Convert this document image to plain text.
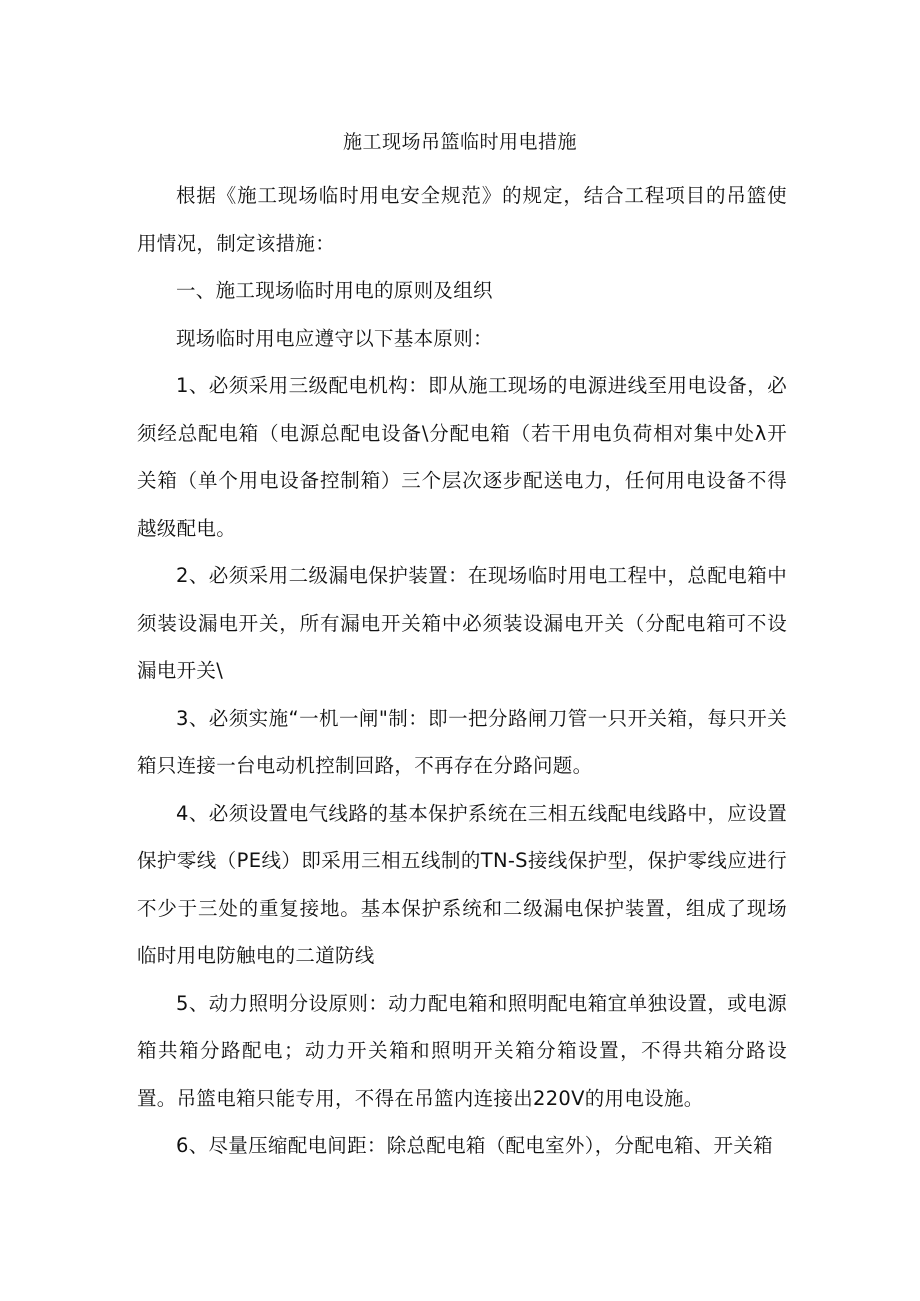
施工现场吊篮临时用电措施

根据《施工现场临时用电安全规范》的规定，结合工程项目的吊篮使用情况，制定该措施：

一、施工现场临时用电的原则及组织

现场临时用电应遵守以下基本原则：

1、必须采用三级配电机构：即从施工现场的电源进线至用电设备，必须经总配电箱（电源总配电设备\分配电箱（若干用电负荷相对集中处λ开关箱（单个用电设备控制箱）三个层次逐步配送电力，任何用电设备不得越级配电。

2、必须采用二级漏电保护装置：在现场临时用电工程中，总配电箱中须装设漏电开关，所有漏电开关箱中必须装设漏电开关（分配电箱可不设漏电开关\

3、必须实施“一机一闸"制：即一把分路闸刀管一只开关箱，每只开关箱只连接一台电动机控制回路，不再存在分路问题。

4、必须设置电气线路的基本保护系统在三相五线配电线路中，应设置保护零线（PE线）即采用三相五线制的TN-S接线保护型，保护零线应进行不少于三处的重复接地。基本保护系统和二级漏电保护装置，组成了现场临时用电防触电的二道防线

5、动力照明分设原则：动力配电箱和照明配电箱宜单独设置，或电源箱共箱分路配电；动力开关箱和照明开关箱分箱设置，不得共箱分路设置。吊篮电箱只能专用，不得在吊篮内连接出220V的用电设施。

6、尽量压缩配电间距：除总配电箱（配电室外），分配电箱、开关箱
